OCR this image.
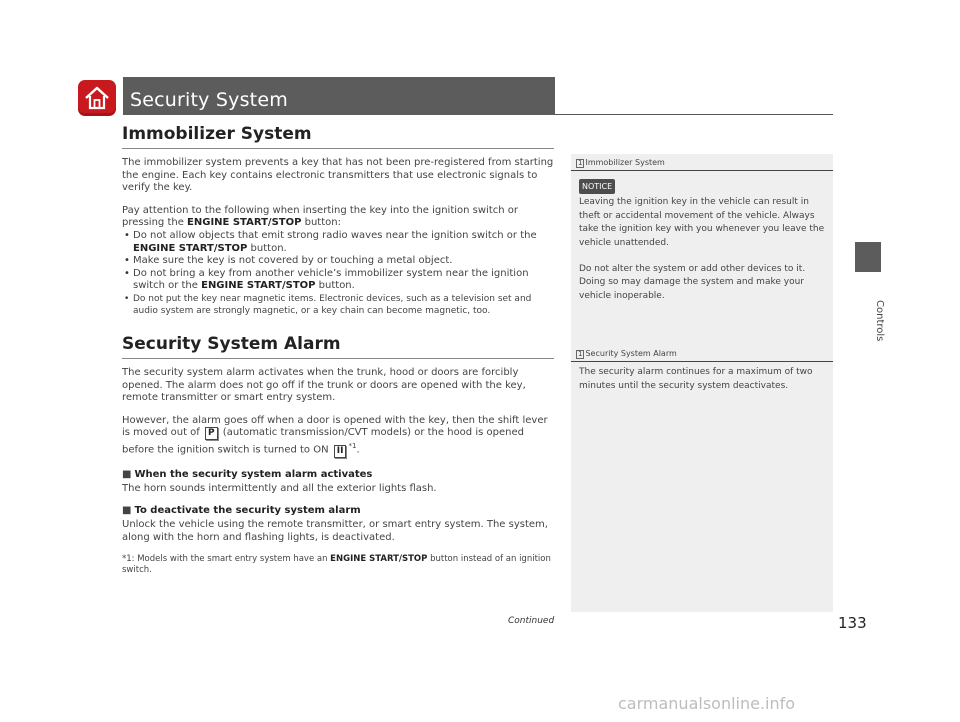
Security System
Controls
Immobilizer System

The immobilizer system prevents a key that has not been pre-registered from starting the engine. Each key contains electronic transmitters that use electronic signals to verify the key.

Pay attention to the following when inserting the key into the ignition switch or pressing the ENGINE START/STOP button:

• Do not allow objects that emit strong radio waves near the ignition switch or the ENGINE START/STOP button.
• Make sure the key is not covered by or touching a metal object.
• Do not bring a key from another vehicle’s immobilizer system near the ignition switch or the ENGINE START/STOP button.
• Do not put the key near magnetic items. Electronic devices, such as a television set and audio system are strongly magnetic, or a key chain can become magnetic, too.
Security System Alarm

The security system alarm activates when the trunk, hood or doors are forcibly opened. The alarm does not go off if the trunk or doors are opened with the key, remote transmitter or smart entry system.

However, the alarm goes off when a door is opened with the key, then the shift lever is moved out of P (automatic transmission/CVT models) or the hood is opened before the ignition switch is turned to ON II $^{*1}$.

■ When the security system alarm activates

The horn sounds intermittently and all the exterior lights flash.

■ To deactivate the security system alarm

Unlock the vehicle using the remote transmitter, or smart entry system. The system, along with the horn and flashing lights, is deactivated.

*1: Models with the smart entry system have an ENGINE START/STOP button instead of an ignition switch.

1 Immobilizer System
NOTICE
Leaving the ignition key in the vehicle can result in theft or accidental movement of the vehicle. Always take the ignition key with you whenever you leave the vehicle unattended.
Do not alter the system or add other devices to it. Doing so may damage the system and make your vehicle inoperable.
1 Security System Alarm
The security alarm continues for a maximum of two minutes until the security system deactivates.
Continued	133
carmanualsonline.info
